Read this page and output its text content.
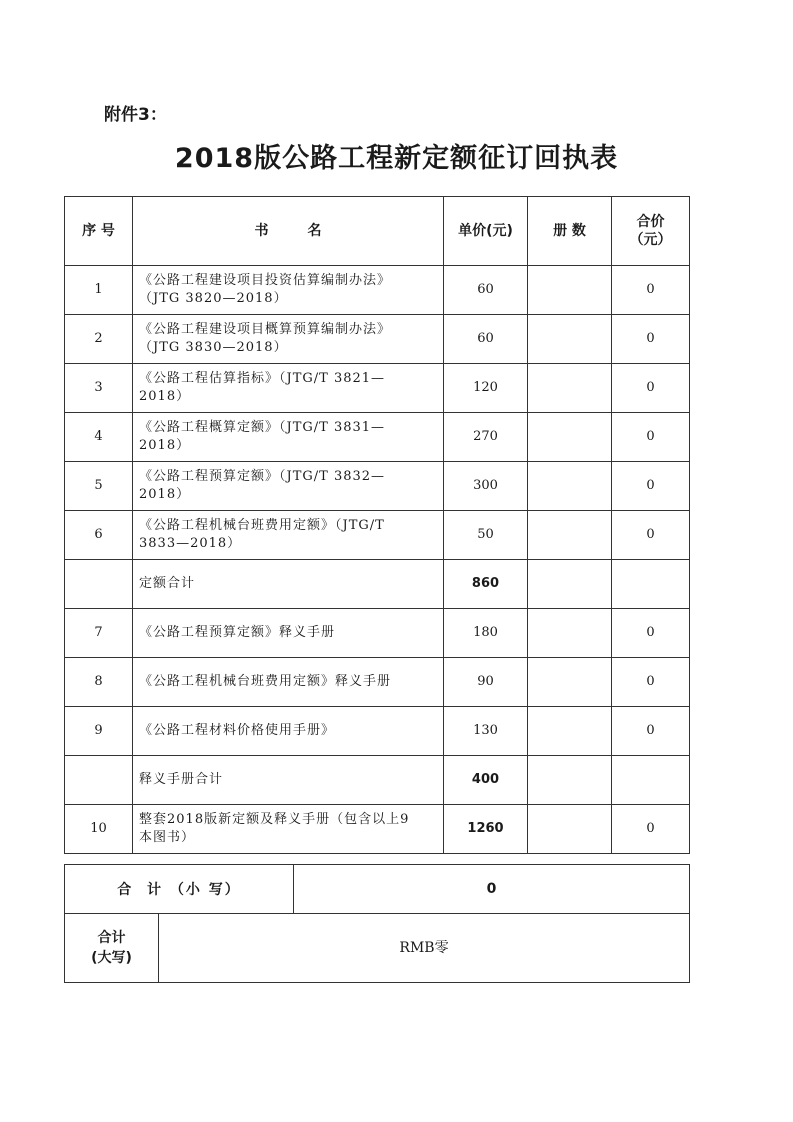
附件3：
2018版公路工程新定额征订回执表
序 号	书        名	单价(元)	册 数	合价
（元）

1	《公路工程建设项目投资估算编制办法》
（JTG 3820—2018）	60		0
2	《公路工程建设项目概算预算编制办法》
（JTG 3830—2018）	60		0
3	《公路工程估算指标》（JTG/T 3821—
2018）	120		0
4	《公路工程概算定额》（JTG/T 3831—
2018）	270		0
5	《公路工程预算定额》（JTG/T 3832—
2018）	300		0
6	《公路工程机械台班费用定额》（JTG/T
3833—2018）	50		0

	定额合计	860		
7	《公路工程预算定额》释义手册	180		0
8	《公路工程机械台班费用定额》释义手册	90		0
9	《公路工程材料价格使用手册》	130		0

	释义手册合计	400		
10	整套2018版新定额及释义手册（包含以上9
本图书）	1260		0
合  计 （小 写）	0
合计
(大写)
	RMB零
